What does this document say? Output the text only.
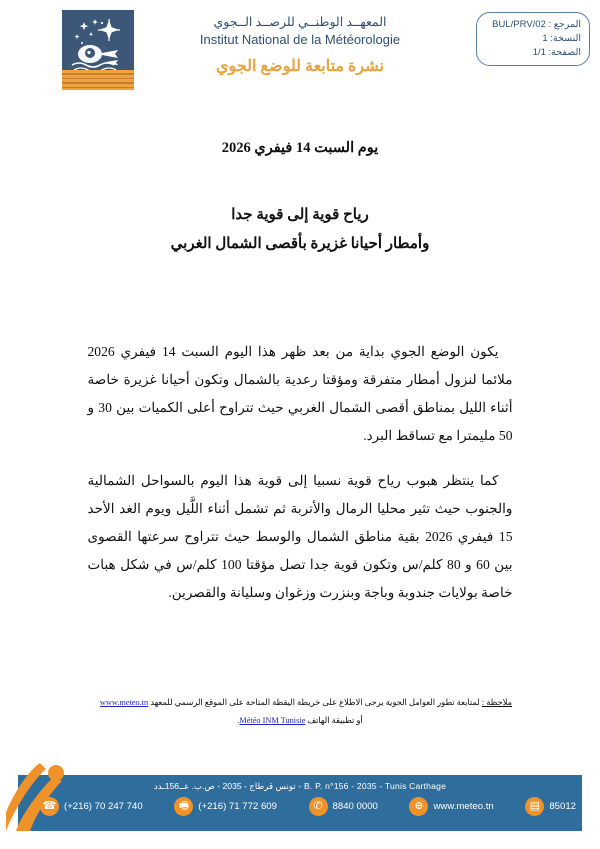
المعهــد الوطنــي للرصــد الــجوي
Institut National de la Météorologie
نشرة متابعة للوضع الجوي
المرجع : BUL/PRV/02
النسخة: 1
الصفحة: 1/1
يوم السبت 14 فيفري 2026
رياح قوية إلى قوية جدا
وأمطار أحيانا غزيرة بأقصى الشمال الغربي

يكون الوضع الجوي بداية من بعد ظهر هذا اليوم السبت 14 فيفري 2026 ملائما لنزول أمطار متفرقة ومؤقتا رعدية بالشمال وتكون أحيانا غزيرة خاصة أثناء الليل بمناطق أقصى الشمال الغربي حيث تتراوح أعلى الكميات بين 30 و 50 مليمترا مع تساقط البرد.

كما ينتظر هبوب رياح قوية نسبيا إلى قوية هذا اليوم بالسواحل الشمالية والجنوب حيث تثير محليا الرمال والأتربة ثم تشمل أثناء اللَّيل ويوم الغد الأحد 15 فيفري 2026 بقية مناطق الشمال والوسط حيث تتراوح سرعتها القصوى بين 60 و 80 كلم/س وتكون قوية جدا تصل مؤقتا 100 كلم/س في شكل هبات خاصة بولايات جندوبة وباجة وبنزرت وزغوان وسليانة والقصرين.

ملاحظة : لمتابعة تطور العوامل الجوية يرجى الاطلاع على خريطة اليقظة المتاحة على الموقع الرسمي للمعهد www.meteo.tn
أو تطبيقة الهاتف Météo INM Tunisie.
B. P. n°156 - 2035 - Tunis Carthage - تونس قرطاج - 2035 - ص.ب. عــ156ـدد
☎ (+216) 70 247 740	🖷 (+216) 71 772 609	✆	8840 0000	⊕	www.meteo.tn	▤ 85012
